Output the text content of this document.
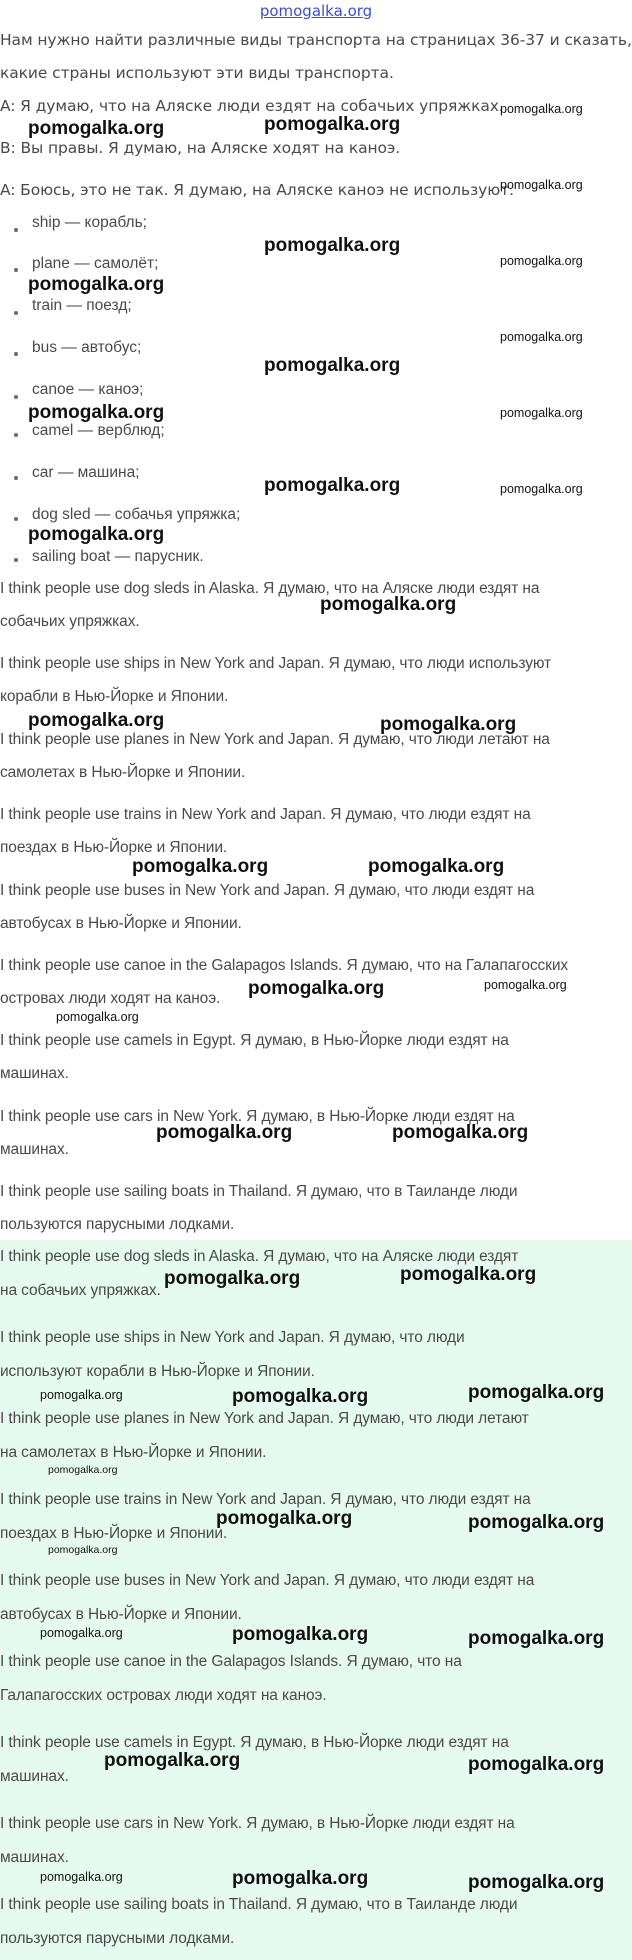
pomogalka.org
Нам нужно найти различные виды транспорта на страницах 36-37 и сказать,
какие страны используют эти виды транспорта.
A: Я думаю, что на Аляске люди ездят на собачьих упряжках.
B: Вы правы. Я думаю, на Аляске ходят на каноэ.
A: Боюсь, это не так. Я думаю, на Аляске каноэ не используют.
ship — корабль;
plane — самолёт;
train — поезд;
bus — автобус;
canoe — каноэ;
camel — верблюд;
car — машина;
dog sled — собачья упряжка;
sailing boat — парусник.
I think people use dog sleds in Alaska. Я думаю, что на Аляске люди ездят на
собачьих упряжках.
I think people use ships in New York and Japan. Я думаю, что люди используют
корабли в Нью-Йорке и Японии.
I think people use planes in New York and Japan. Я думаю, что люди летают на
самолетах в Нью-Йорке и Японии.
I think people use trains in New York and Japan. Я думаю, что люди ездят на
поездах в Нью-Йорке и Японии.
I think people use buses in New York and Japan. Я думаю, что люди ездят на
автобусах в Нью-Йорке и Японии.
I think people use canoe in the Galapagos Islands. Я думаю, что на Галапагосских
островах люди ходят на каноэ.
I think people use camels in Egypt. Я думаю, в Нью-Йорке люди ездят на
машинах.
I think people use cars in New York. Я думаю, в Нью-Йорке люди ездят на
машинах.
I think people use sailing boats in Thailand. Я думаю, что в Таиланде люди
пользуются парусными лодками.
I think people use dog sleds in Alaska. Я думаю, что на Аляске люди ездят
на собачьих упряжках.
I think people use ships in New York and Japan. Я думаю, что люди
используют корабли в Нью-Йорке и Японии.
I think people use planes in New York and Japan. Я думаю, что люди летают
на самолетах в Нью-Йорке и Японии.
I think people use trains in New York and Japan. Я думаю, что люди ездят на
поездах в Нью-Йорке и Японии.
I think people use buses in New York and Japan. Я думаю, что люди ездят на
автобусах в Нью-Йорке и Японии.
I think people use canoe in the Galapagos Islands. Я думаю, что на
Галапагосских островах люди ходят на каноэ.
I think people use camels in Egypt. Я думаю, в Нью-Йорке люди ездят на
машинах.
I think people use cars in New York. Я думаю, в Нью-Йорке люди ездят на
машинах.
I think people use sailing boats in Thailand. Я думаю, что в Таиланде люди
пользуются парусными лодками.
pomogalka.org
pomogalka.org	pomogalka.org
pomogalka.org
pomogalka.org
pomogalka.org
pomogalka.org
pomogalka.org
pomogalka.org
pomogalka.org	pomogalka.org
pomogalka.org
pomogalka.org
pomogalka.org
pomogalka.org
pomogalka.org	pomogalka.org
pomogalka.org	pomogalka.org
pomogalka.org	pomogalka.org
pomogalka.org
pomogalka.org	pomogalka.org
pomogalka.org	pomogalka.org
pomogalka.org	pomogalka.org	pomogalka.org
pomogalka.org
pomogalka.org	pomogalka.org
pomogalka.org
pomogalka.org	pomogalka.org	pomogalka.org
pomogalka.org	pomogalka.org
pomogalka.org	pomogalka.org	pomogalka.org
